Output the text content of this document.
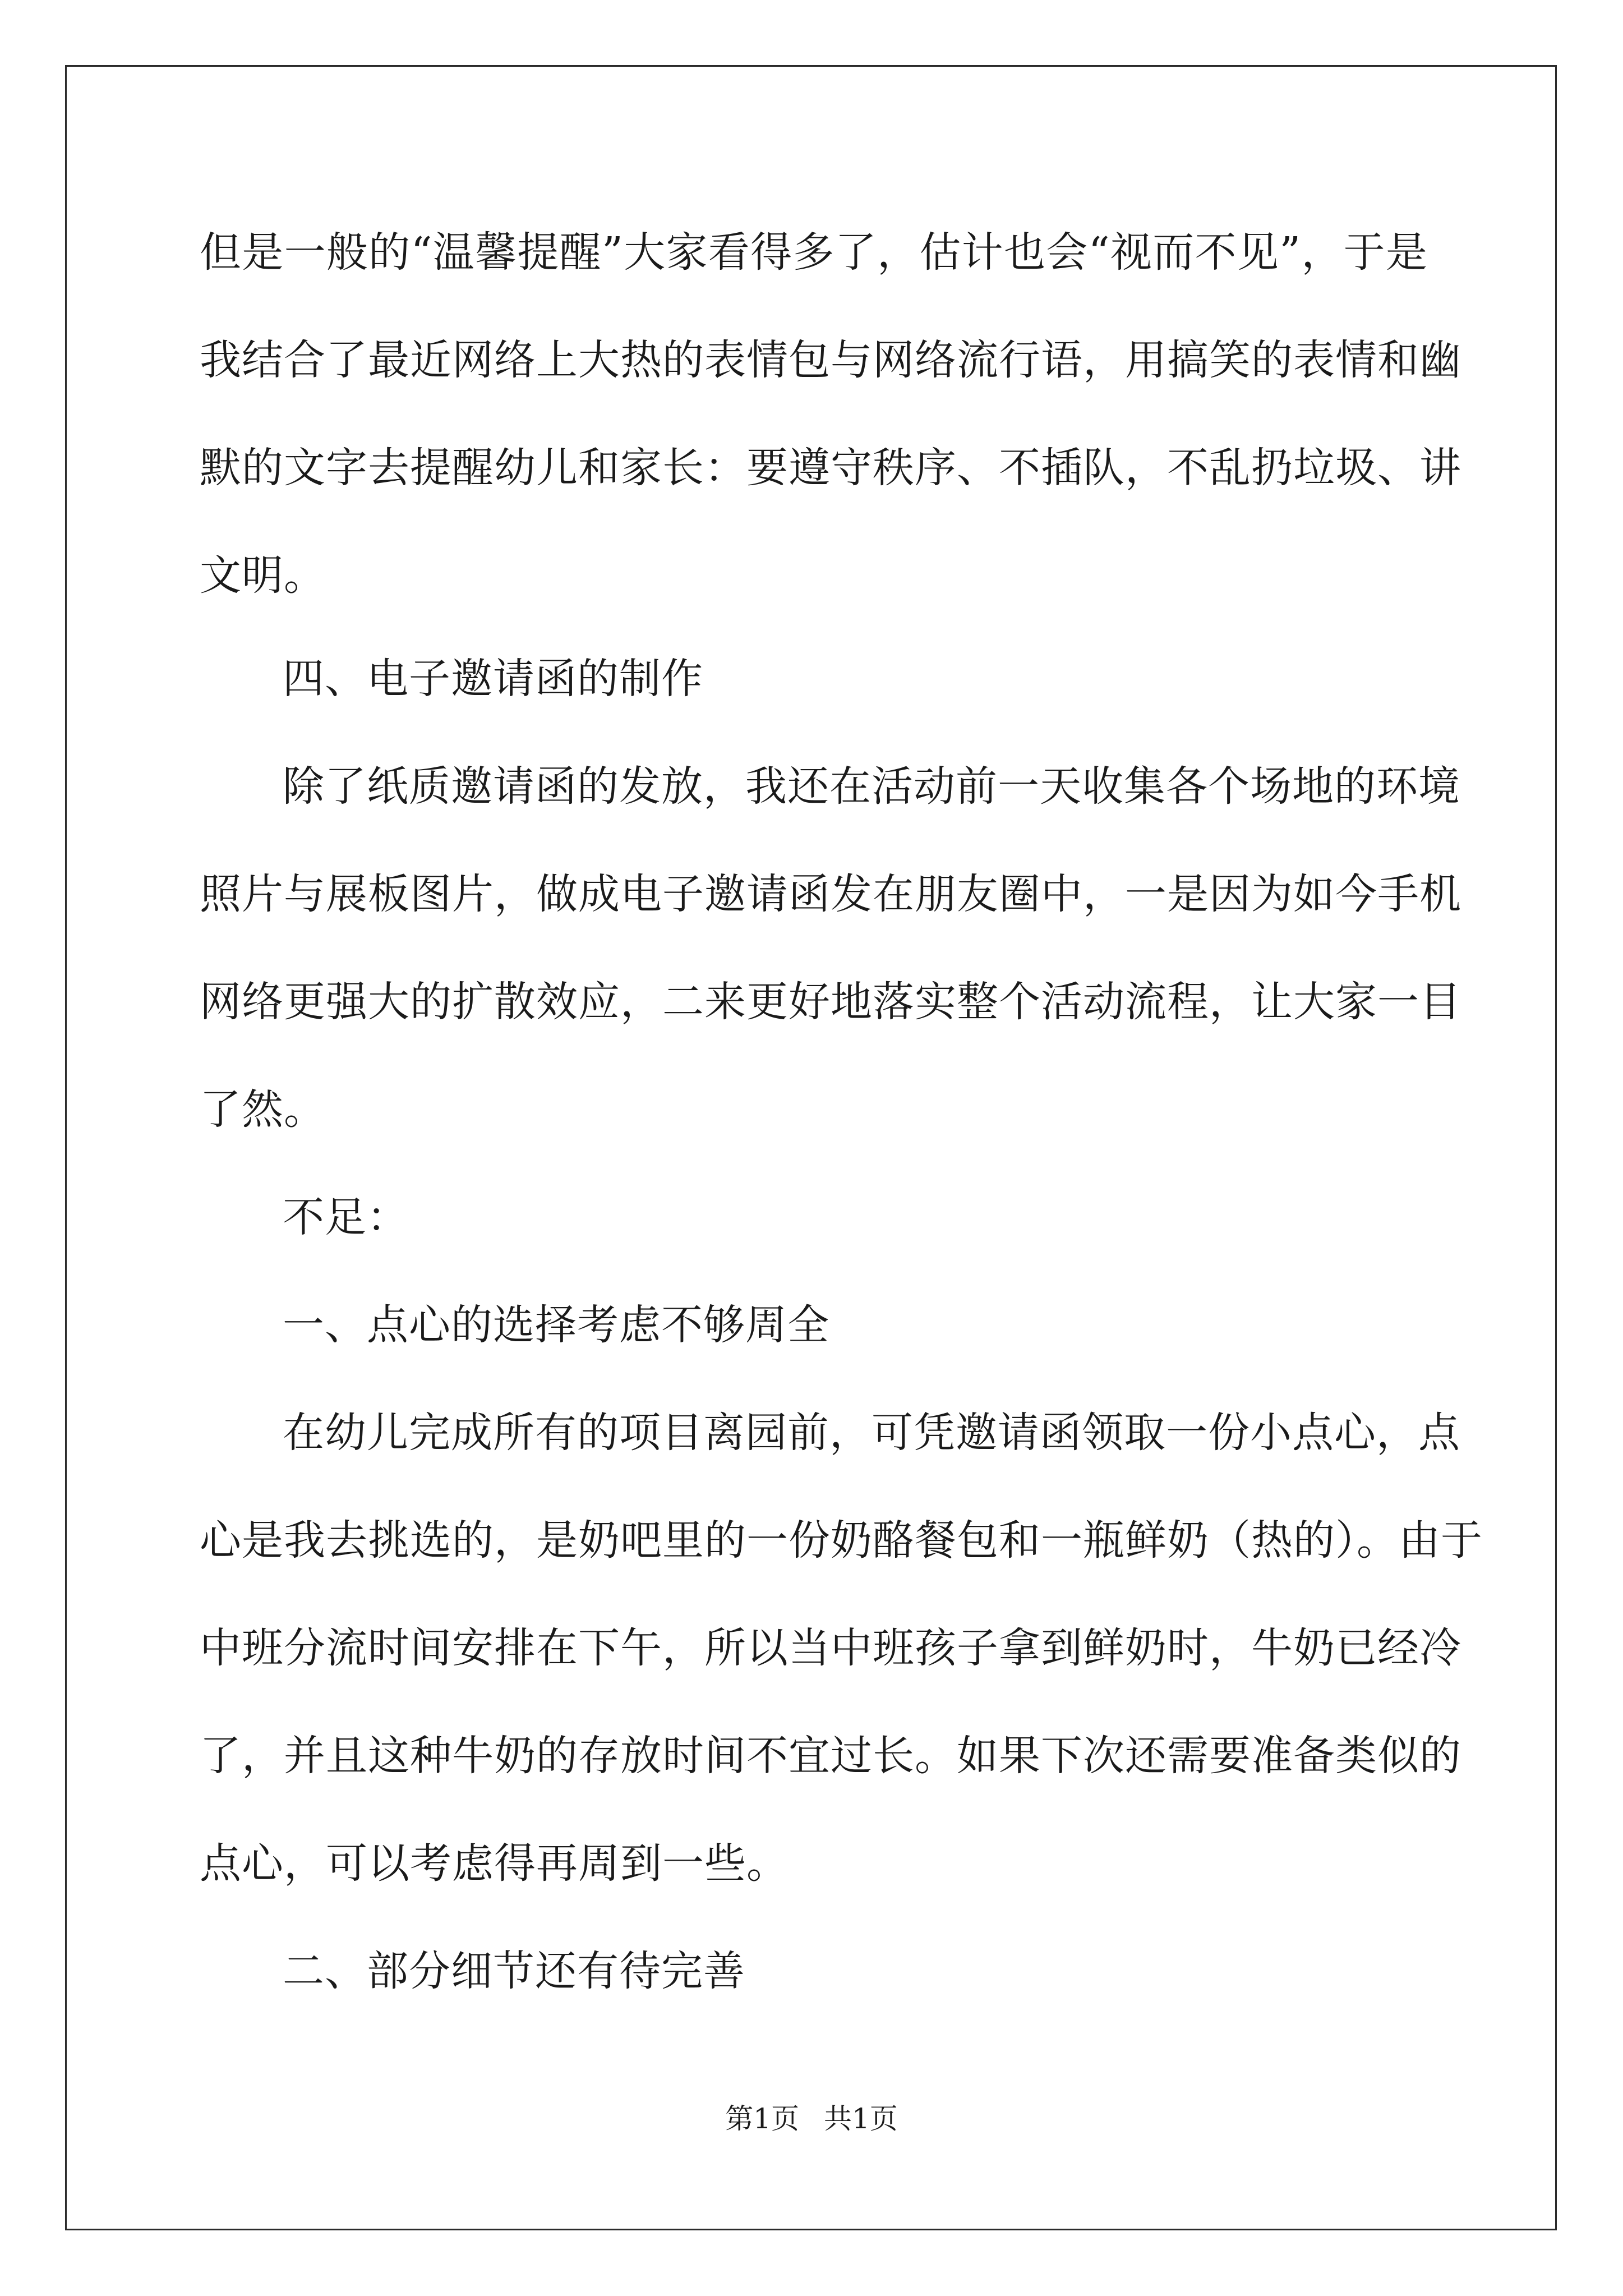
但是一般的“温馨提醒”大家看得多了，估计也会“视而不见”，于是
我结合了最近网络上大热的表情包与网络流行语，用搞笑的表情和幽
默的文字去提醒幼儿和家长：要遵守秩序、不插队，不乱扔垃圾、讲
文明。
四、电子邀请函的制作
除了纸质邀请函的发放，我还在活动前一天收集各个场地的环境
照片与展板图片，做成电子邀请函发在朋友圈中，一是因为如今手机
网络更强大的扩散效应，二来更好地落实整个活动流程，让大家一目
了然。
不足：
一、点心的选择考虑不够周全
在幼儿完成所有的项目离园前，可凭邀请函领取一份小点心，点
心是我去挑选的，是奶吧里的一份奶酪餐包和一瓶鲜奶（热的）。由于
中班分流时间安排在下午，所以当中班孩子拿到鲜奶时，牛奶已经冷
了，并且这种牛奶的存放时间不宜过长。如果下次还需要准备类似的
点心，可以考虑得再周到一些。
二、部分细节还有待完善
第1页 共1页
